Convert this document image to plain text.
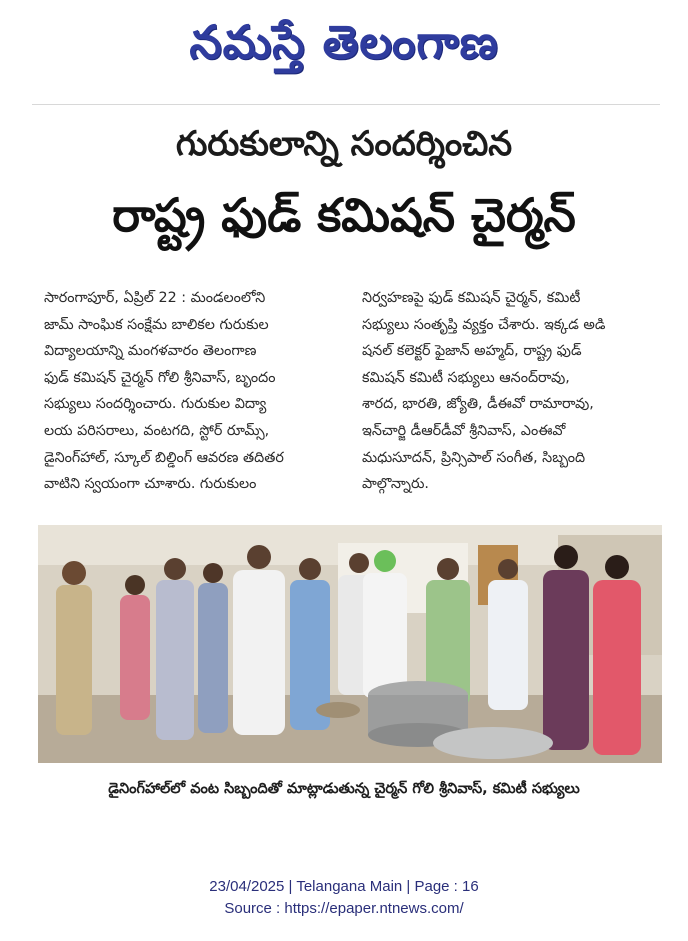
నమస్తే తెలంగాణ
గురుకులాన్ని సందర్శించిన
రాష్ట్ర ఫుడ్ కమిషన్ చైర్మన్
సారంగాపూర్, ఏప్రిల్ 22 : మండలంలోని
జామ్ సాంఘిక సంక్షేమ బాలికల గురుకుల
విద్యాలయాన్ని మంగళవారం తెలంగాణ
ఫుడ్ కమిషన్ చైర్మన్ గోలి శ్రీనివాస్, బృందం
సభ్యులు సందర్శించారు. గురుకుల విద్యా
లయ పరిసరాలు, వంటగది, స్టోర్ రూమ్స్,
డైనింగ్‌హాల్, స్కూల్ బిల్డింగ్ ఆవరణ తదితర
వాటిని స్వయంగా చూశారు. గురుకులం
నిర్వహణపై ఫుడ్ కమిషన్ చైర్మన్, కమిటీ
సభ్యులు సంతృప్తి వ్యక్తం చేశారు. ఇక్కడ అడి
షనల్ కలెక్టర్ ఫైజాన్ అహ్మద్, రాష్ట్ర ఫుడ్
కమిషన్ కమిటీ సభ్యులు ఆనంద్‌రావు,
శారద, భారతి, జ్యోతి, డీఈవో రామారావు,
ఇన్‌చార్జి డీఆర్‌డీవో శ్రీనివాస్, ఎంఈవో
మధుసూదన్, ప్రిన్సిపాల్ సంగీత, సిబ్బంది
పాల్గొన్నారు.
డైనింగ్‌హాల్‌లో వంట సిబ్బందితో మాట్లాడుతున్న చైర్మన్ గోలి శ్రీనివాస్, కమిటీ సభ్యులు
23/04/2025 | Telangana Main | Page : 16
Source : https://epaper.ntnews.com/
